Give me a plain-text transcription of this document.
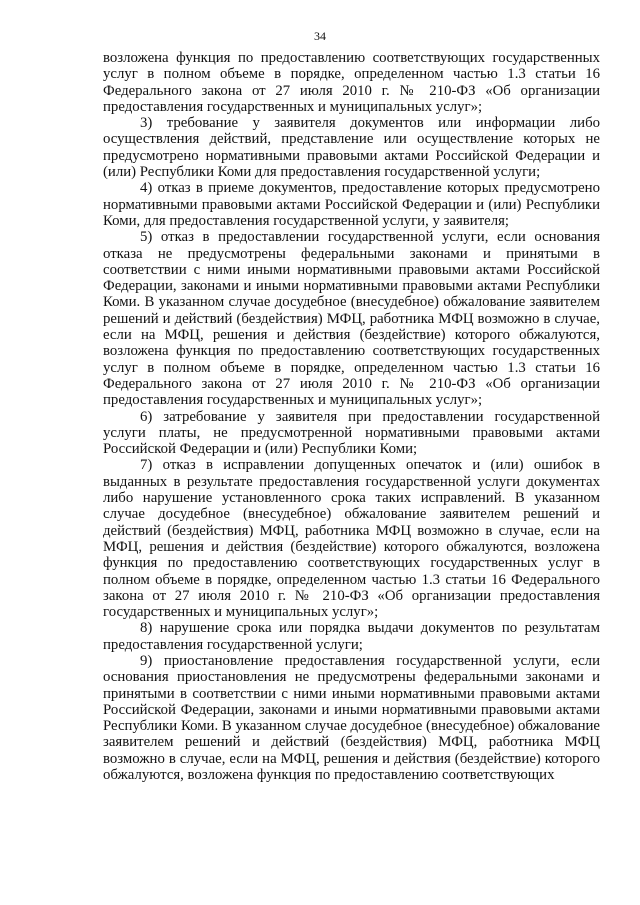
34

возложена функция по предоставлению соответствующих государственных услуг в полном объеме в порядке, определенном частью 1.3 статьи 16 Федерального закона от 27 июля 2010 г. № 210-ФЗ «Об организации предоставления государственных и муниципальных услуг»;

3) требование у заявителя документов или информации либо осуществления действий, представление или осуществление которых не предусмотрено нормативными правовыми актами Российской Федерации и (или) Республики Коми для предоставления государственной услуги;

4) отказ в приеме документов, предоставление которых предусмотрено нормативными правовыми актами Российской Федерации и (или) Республики Коми, для предоставления государственной услуги, у заявителя;

5) отказ в предоставлении государственной услуги, если основания отказа не предусмотрены федеральными законами и принятыми в соответствии с ними иными нормативными правовыми актами Российской Федерации, законами и иными нормативными правовыми актами Республики Коми. В указанном случае досудебное (внесудебное) обжалование заявителем решений и действий (бездействия) МФЦ, работника МФЦ возможно в случае, если на МФЦ, решения и действия (бездействие) которого обжалуются, возложена функция по предоставлению соответствующих государственных услуг в полном объеме в порядке, определенном частью 1.3 статьи 16 Федерального закона от 27 июля 2010 г. № 210-ФЗ «Об организации предоставления государственных и муниципальных услуг»;

6) затребование у заявителя при предоставлении государственной услуги платы, не предусмотренной нормативными правовыми актами Российской Федерации и (или) Республики Коми;

7) отказ в исправлении допущенных опечаток и (или) ошибок в выданных в результате предоставления государственной услуги документах либо нарушение установленного срока таких исправлений. В указанном случае досудебное (внесудебное) обжалование заявителем решений и действий (бездействия) МФЦ, работника МФЦ возможно в случае, если на МФЦ, решения и действия (бездействие) которого обжалуются, возложена функция по предоставлению соответствующих государственных услуг в полном объеме в порядке, определенном частью 1.3 статьи 16 Федерального закона от 27 июля 2010 г. № 210-ФЗ «Об организации предоставления государственных и муниципальных услуг»;

8) нарушение срока или порядка выдачи документов по результатам предоставления государственной услуги;

9) приостановление предоставления государственной услуги, если основания приостановления не предусмотрены федеральными законами и принятыми в соответствии с ними иными нормативными правовыми актами Российской Федерации, законами и иными нормативными правовыми актами Республики Коми. В указанном случае досудебное (внесудебное) обжалование заявителем решений и действий (бездействия) МФЦ, работника МФЦ возможно в случае, если на МФЦ, решения и действия (бездействие) которого обжалуются, возложена функция по предоставлению соответствующих
